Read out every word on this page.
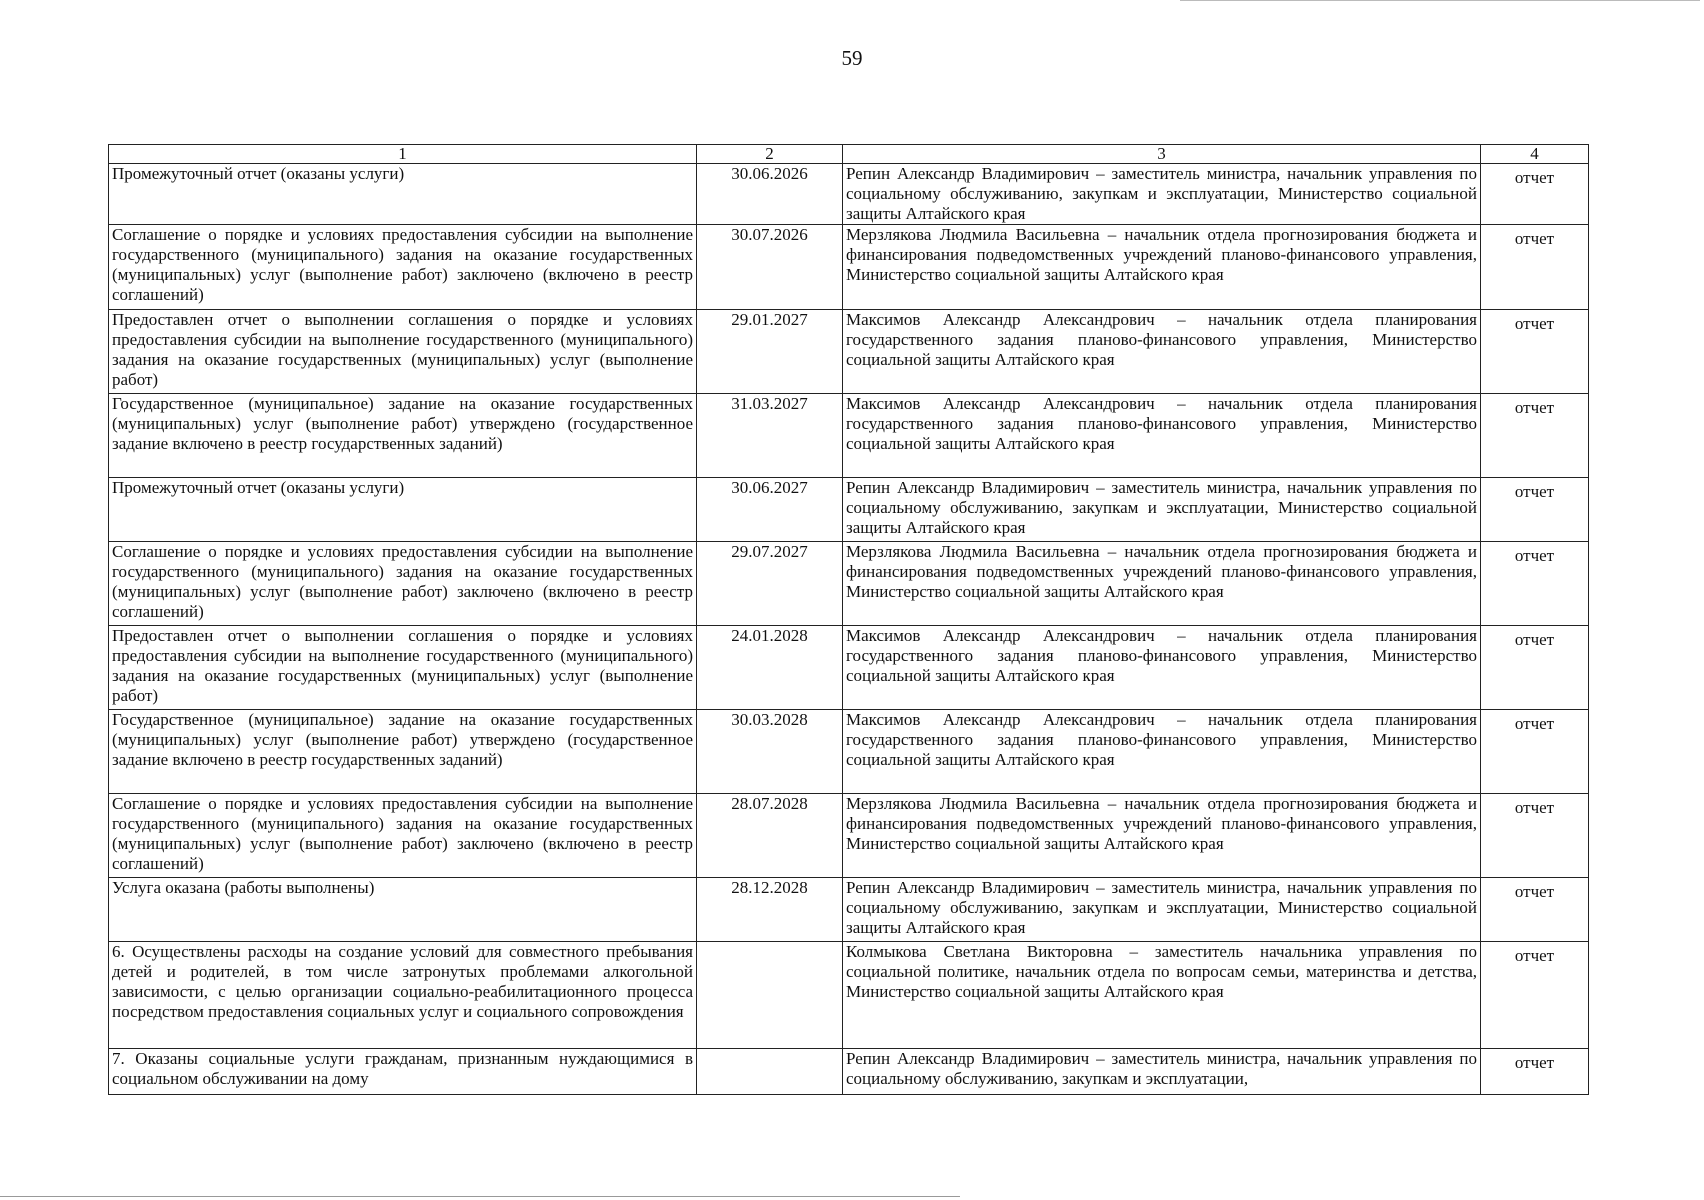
59
1	2	3	4
Промежуточный отчет (оказаны услуги)	30.06.2026	Репин Александр Владимирович – заместитель министра, начальник управления по социальному обслуживанию, закупкам и эксплуатации, Министерство социальной защиты Алтайского края	отчет
Соглашение о порядке и условиях предоставления субсидии на выполнение государственного (муниципального) задания на оказание государственных (муниципальных) услуг (выполнение работ) заключено (включено в реестр соглашений)	30.07.2026	Мерзлякова Людмила Васильевна – начальник отдела прогнозирования бюджета и финансирования подведомственных учреждений планово-финансового управления, Министерство социальной защиты Алтайского края	отчет
Предоставлен отчет о выполнении соглашения о порядке и условиях предоставления субсидии на выполнение государственного (муниципального) задания на оказание государственных (муниципальных) услуг (выполнение работ)	29.01.2027	Максимов Александр Александрович – начальник отдела планирования государственного задания планово-финансового управления, Министерство социальной защиты Алтайского края	отчет
Государственное (муниципальное) задание на оказание государственных (муниципальных) услуг (выполнение работ) утверждено (государственное задание включено в реестр государственных заданий)	31.03.2027	Максимов Александр Александрович – начальник отдела планирования государственного задания планово-финансового управления, Министерство социальной защиты Алтайского края	отчет
Промежуточный отчет (оказаны услуги)	30.06.2027	Репин Александр Владимирович – заместитель министра, начальник управления по социальному обслуживанию, закупкам и эксплуатации, Министерство социальной защиты Алтайского края	отчет
Соглашение о порядке и условиях предоставления субсидии на выполнение государственного (муниципального) задания на оказание государственных (муниципальных) услуг (выполнение работ) заключено (включено в реестр соглашений)	29.07.2027	Мерзлякова Людмила Васильевна – начальник отдела прогнозирования бюджета и финансирования подведомственных учреждений планово-финансового управления, Министерство социальной защиты Алтайского края	отчет
Предоставлен отчет о выполнении соглашения о порядке и условиях предоставления субсидии на выполнение государственного (муниципального) задания на оказание государственных (муниципальных) услуг (выполнение работ)	24.01.2028	Максимов Александр Александрович – начальник отдела планирования государственного задания планово-финансового управления, Министерство социальной защиты Алтайского края	отчет
Государственное (муниципальное) задание на оказание государственных (муниципальных) услуг (выполнение работ) утверждено (государственное задание включено в реестр государственных заданий)	30.03.2028	Максимов Александр Александрович – начальник отдела планирования государственного задания планово-финансового управления, Министерство социальной защиты Алтайского края	отчет
Соглашение о порядке и условиях предоставления субсидии на выполнение государственного (муниципального) задания на оказание государственных (муниципальных) услуг (выполнение работ) заключено (включено в реестр соглашений)	28.07.2028	Мерзлякова Людмила Васильевна – начальник отдела прогнозирования бюджета и финансирования подведомственных учреждений планово-финансового управления, Министерство социальной защиты Алтайского края	отчет
Услуга оказана (работы выполнены)	28.12.2028	Репин Александр Владимирович – заместитель министра, начальник управления по социальному обслуживанию, закупкам и эксплуатации, Министерство социальной защиты Алтайского края	отчет
6. Осуществлены расходы на создание условий для совместного пребывания детей и родителей, в том числе затронутых проблемами алкогольной зависимости, с целью организации социально-реабилитационного процесса посредством предоставления социальных услуг и социального сопровождения		Колмыкова Светлана Викторовна – заместитель начальника управления по социальной политике, начальник отдела по вопросам семьи, материнства и детства, Министерство социальной защиты Алтайского края	отчет
7. Оказаны социальные услуги гражданам, признанным нуждающимися в социальном обслуживании на дому		Репин Александр Владимирович – заместитель министра, начальник управления по социальному обслуживанию, закупкам и эксплуатации,	отчет
